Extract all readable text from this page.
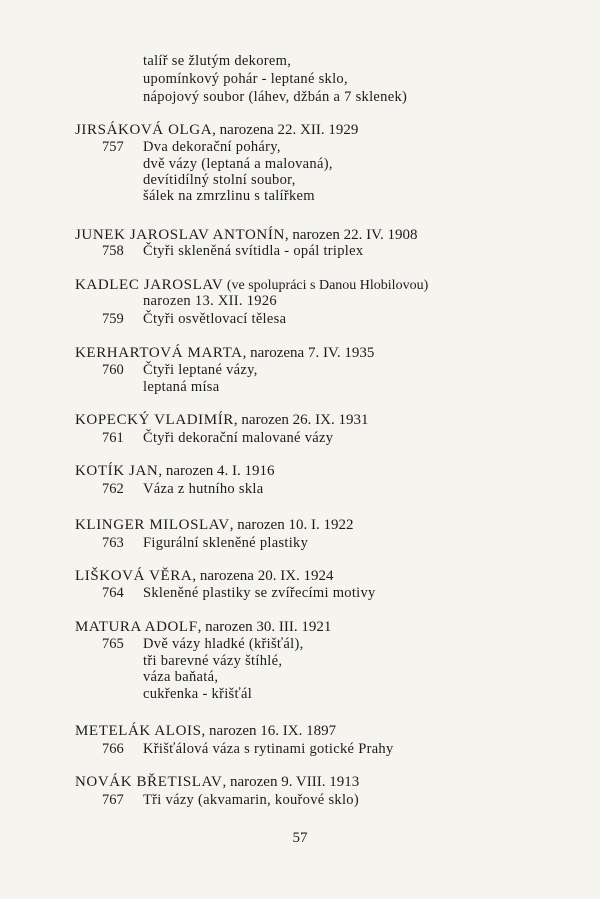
talíř se žlutým dekorem,
upomínkový pohár - leptané sklo,
nápojový soubor (láhev, džbán a 7 sklenek)
JIRSÁKOVÁ OLGA, narozena 22. XII. 1929
757 Dva dekorační poháry,
dvě vázy (leptaná a malovaná),
devítidílný stolní soubor,
šálek na zmrzlinu s talířkem
JUNEK JAROSLAV ANTONÍN, narozen 22. IV. 1908
758 Čtyři skleněná svítidla - opál triplex
KADLEC JAROSLAV (ve spolupráci s Danou Hlobilovou)
narozen 13. XII. 1926
759 Čtyři osvětlovací tělesa
KERHARTOVÁ MARTA, narozena 7. IV. 1935
760 Čtyři leptané vázy,
leptaná mísa
KOPECKÝ VLADIMÍR, narozen 26. IX. 1931
761 Čtyři dekorační malované vázy
KOTÍK JAN, narozen 4. I. 1916
762 Váza z hutního skla
KLINGER MILOSLAV, narozen 10. I. 1922
763 Figurální skleněné plastiky
LIŠKOVÁ VĚRA, narozena 20. IX. 1924
764 Skleněné plastiky se zvířecími motivy
MATURA ADOLF, narozen 30. III. 1921
765 Dvě vázy hladké (křišťál),
tři barevné vázy štíhlé,
váza baňatá,
cukřenka - křišťál
METELÁK ALOIS, narozen 16. IX. 1897
766 Křišťálová váza s rytinami gotické Prahy
NOVÁK BŘETISLAV, narozen 9. VIII. 1913
767 Tři vázy (akvamarin, kouřové sklo)
57
